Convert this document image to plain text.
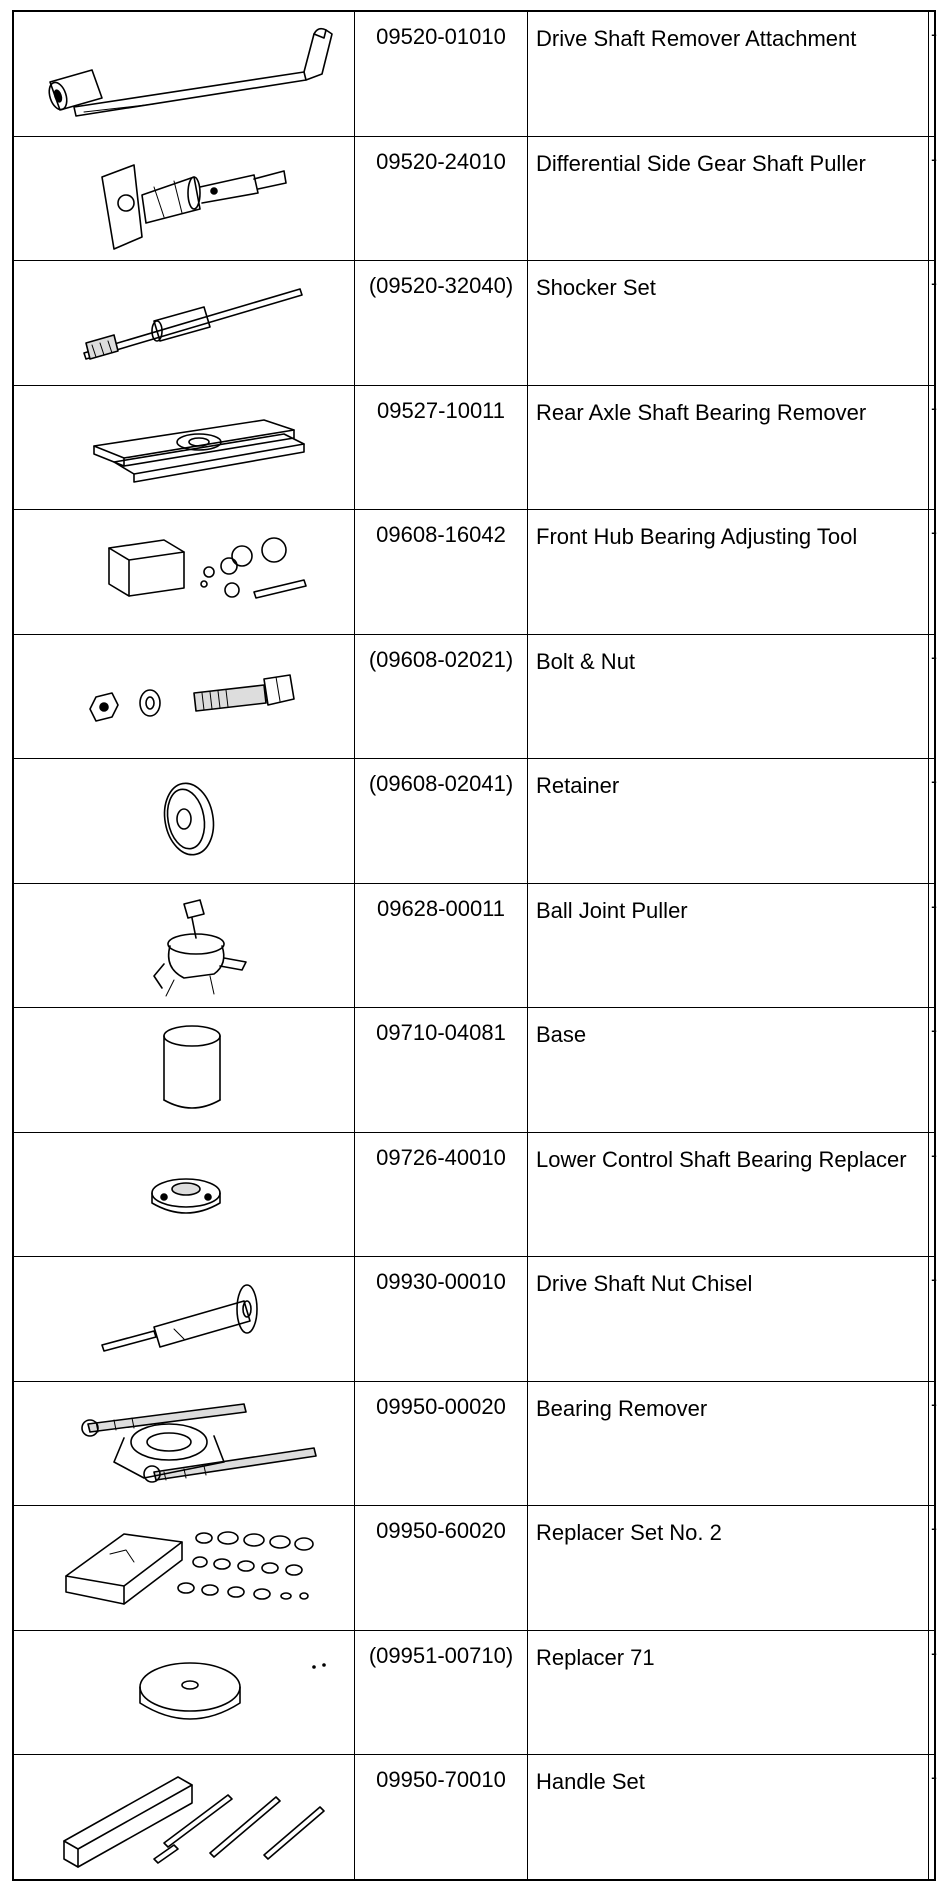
	09520-01010	Drive Shaft Remover Attachment	-

	09520-24010	Differential Side Gear Shaft Puller	-

	(09520-32040)	Shocker Set	-

	09527-10011	Rear Axle Shaft Bearing Remover	-

	09608-16042	Front Hub Bearing Adjusting Tool	-

	(09608-02021)	Bolt & Nut	-

	(09608-02041)	Retainer	-

	09628-00011	Ball Joint Puller	-

	09710-04081	Base	-

	09726-40010	Lower Control Shaft Bearing Replacer	-

	09930-00010	Drive Shaft Nut Chisel	-

	09950-00020	Bearing Remover	-

	09950-60020	Replacer Set No. 2	-

	(09951-00710)	Replacer 71	-

	09950-70010	Handle Set	-
